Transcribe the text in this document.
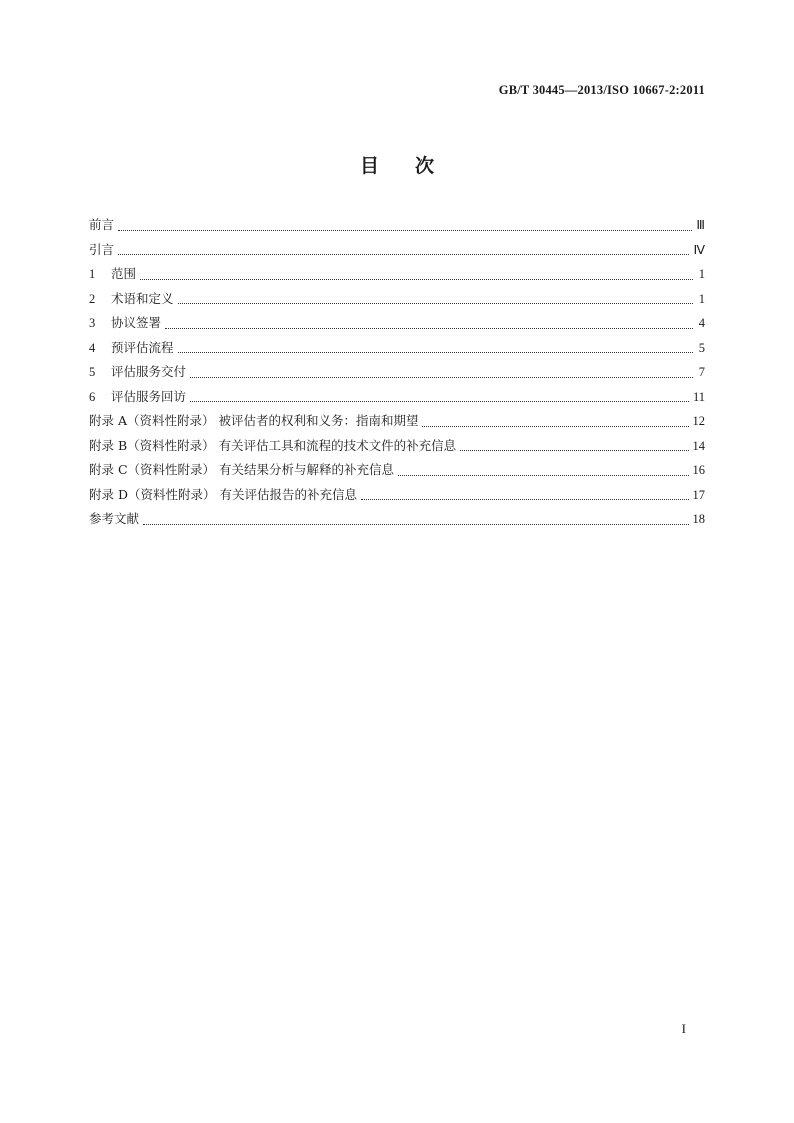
GB/T 30445—2013/ISO 10667-2:2011
目 次
前言	Ⅲ
引言	Ⅳ
1	范围	1
2	术语和定义	1
3	协议签署	4
4	预评估流程	5
5	评估服务交付	7
6	评估服务回访	11
附录 A（资料性附录） 被评估者的权利和义务：指南和期望	12
附录 B（资料性附录） 有关评估工具和流程的技术文件的补充信息	14
附录 C（资料性附录） 有关结果分析与解释的补充信息	16
附录 D（资料性附录） 有关评估报告的补充信息	17
参考文献	18
I
